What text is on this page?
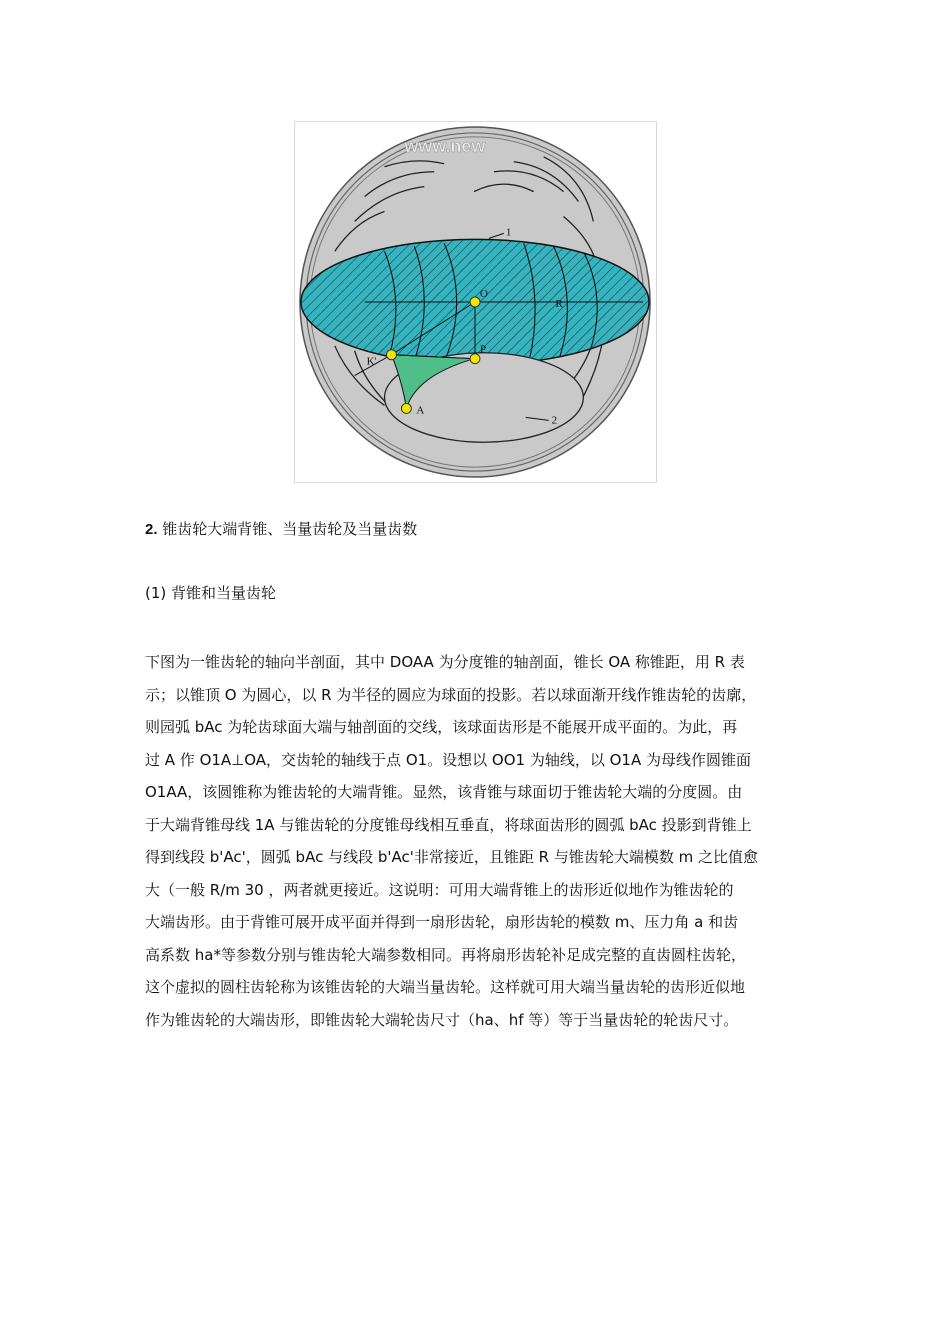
www.new
1
2
O
R
P
K'
A
2. 锥齿轮大端背锥、当量齿轮及当量齿数
(1) 背锥和当量齿轮

下图为一锥齿轮的轴向半剖面，其中 DOAA 为分度锥的轴剖面，锥长 OA 称锥距，用 R 表

示；以锥顶 O 为圆心，以 R 为半径的圆应为球面的投影。若以球面渐开线作锥齿轮的齿廓，

则园弧 bAc 为轮齿球面大端与轴剖面的交线，该球面齿形是不能展开成平面的。为此，再

过 A 作 O1A⊥OA，交齿轮的轴线于点 O1。设想以 OO1 为轴线，以 O1A 为母线作圆锥面

O1AA，该圆锥称为锥齿轮的大端背锥。显然，该背锥与球面切于锥齿轮大端的分度圆。由

于大端背锥母线 1A 与锥齿轮的分度锥母线相互垂直，将球面齿形的圆弧 bAc 投影到背锥上

得到线段 b'Ac'，圆弧 bAc 与线段 b'Ac'非常接近，且锥距 R 与锥齿轮大端模数 m 之比值愈

大（一般 R/m 30 ，两者就更接近。这说明：可用大端背锥上的齿形近似地作为锥齿轮的

大端齿形。由于背锥可展开成平面并得到一扇形齿轮，扇形齿轮的模数 m、压力角 a 和齿

高系数 ha*等参数分别与锥齿轮大端参数相同。再将扇形齿轮补足成完整的直齿圆柱齿轮，

这个虚拟的圆柱齿轮称为该锥齿轮的大端当量齿轮。这样就可用大端当量齿轮的齿形近似地

作为锥齿轮的大端齿形，即锥齿轮大端轮齿尺寸（ha、hf 等）等于当量齿轮的轮齿尺寸。
